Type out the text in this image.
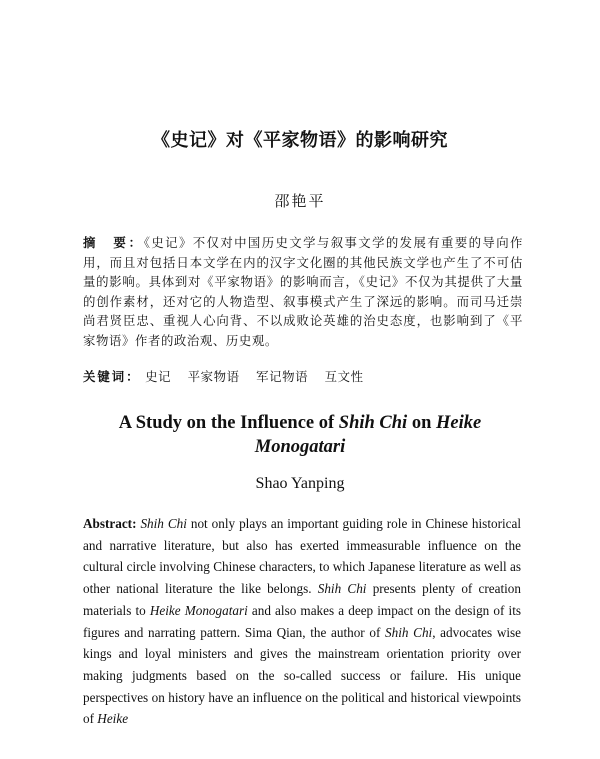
《史记》对《平家物语》的影响研究
邵艳平
摘　要：《史记》不仅对中国历史文学与叙事文学的发展有重要的导向作用，而且对包括日本文学在内的汉字文化圈的其他民族文学也产生了不可估量的影响。具体到对《平家物语》的影响而言，《史记》不仅为其提供了大量的创作素材，还对它的人物造型、叙事模式产生了深远的影响。而司马迁崇尚君贤臣忠、重视人心向背、不以成败论英雄的治史态度，也影响到了《平家物语》作者的政治观、历史观。
关键词： 史记 平家物语 军记物语 互文性
A Study on the Influence of Shih Chi on Heike Monogatari
Shao Yanping
Abstract: Shih Chi not only plays an important guiding role in Chinese historical and narrative literature, but also has exerted immeasurable influence on the cultural circle involving Chinese characters, to which Japanese literature as well as other national literature the like belongs. Shih Chi presents plenty of creation materials to Heike Monogatari and also makes a deep impact on the design of its figures and narrating pattern. Sima Qian, the author of Shih Chi, advocates wise kings and loyal ministers and gives the mainstream orientation priority over making judgments based on the so-called success or failure. His unique perspectives on history have an influence on the political and historical viewpoints of Heike
